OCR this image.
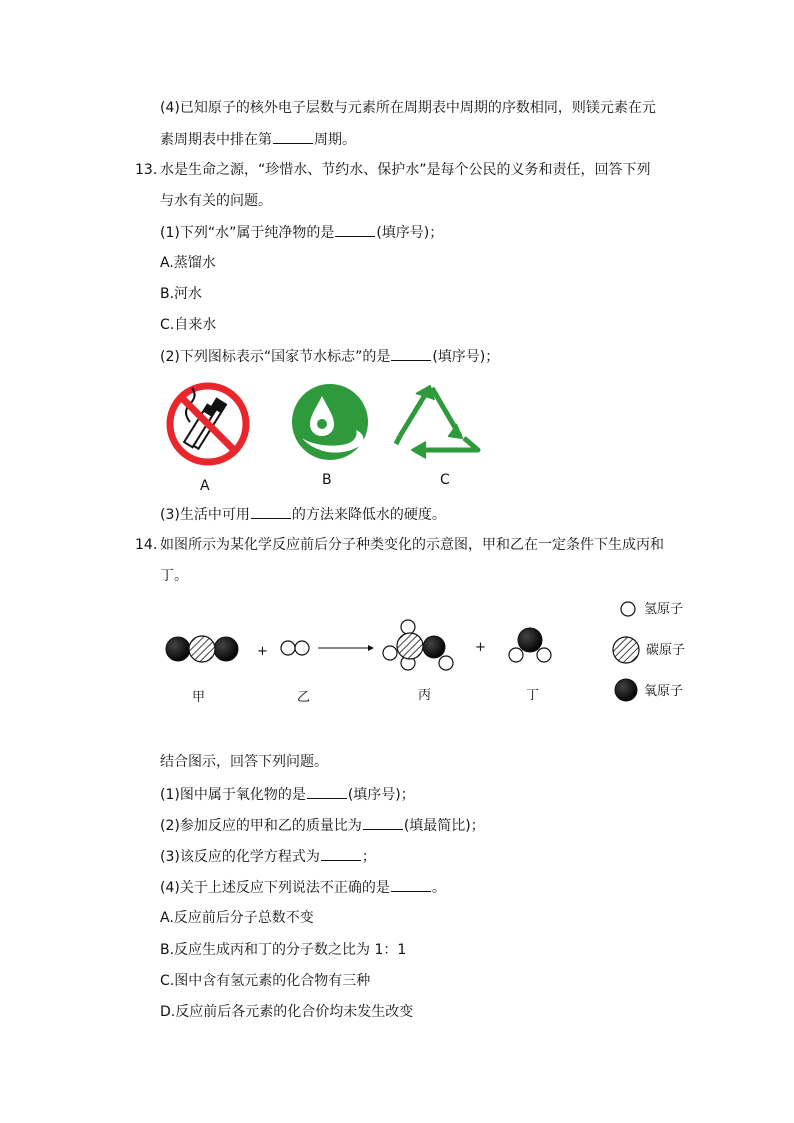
(4)已知原子的核外电子层数与元素所在周期表中周期的序数相同，则镁元素在元
素周期表中排在第	周期。
13. 水是生命之源，“珍惜水、节约水、保护水”是每个公民的义务和责任，回答下列
与水有关的问题。
(1)下列“水”属于纯净物的是	(填序号)；
A.蒸馏水
B.河水
C.自来水
(2)下列图标表示“国家节水标志”的是	(填序号)；
A	B	C
(3)生活中可用	的方法来降低水的硬度。
14. 如图所示为某化学反应前后分子种类变化的示意图，甲和乙在一定条件下生成丙和
丁。
+	+
甲	乙	丙	丁
氢原子
碳原子
氧原子
结合图示，回答下列问题。
(1)图中属于氧化物的是	(填序号)；
(2)参加反应的甲和乙的质量比为	(填最简比)；
(3)该反应的化学方程式为	；
(4)关于上述反应下列说法不正确的是	。
A.反应前后分子总数不变
B.反应生成丙和丁的分子数之比为 1：1
C.图中含有氢元素的化合物有三种
D.反应前后各元素的化合价均未发生改变
